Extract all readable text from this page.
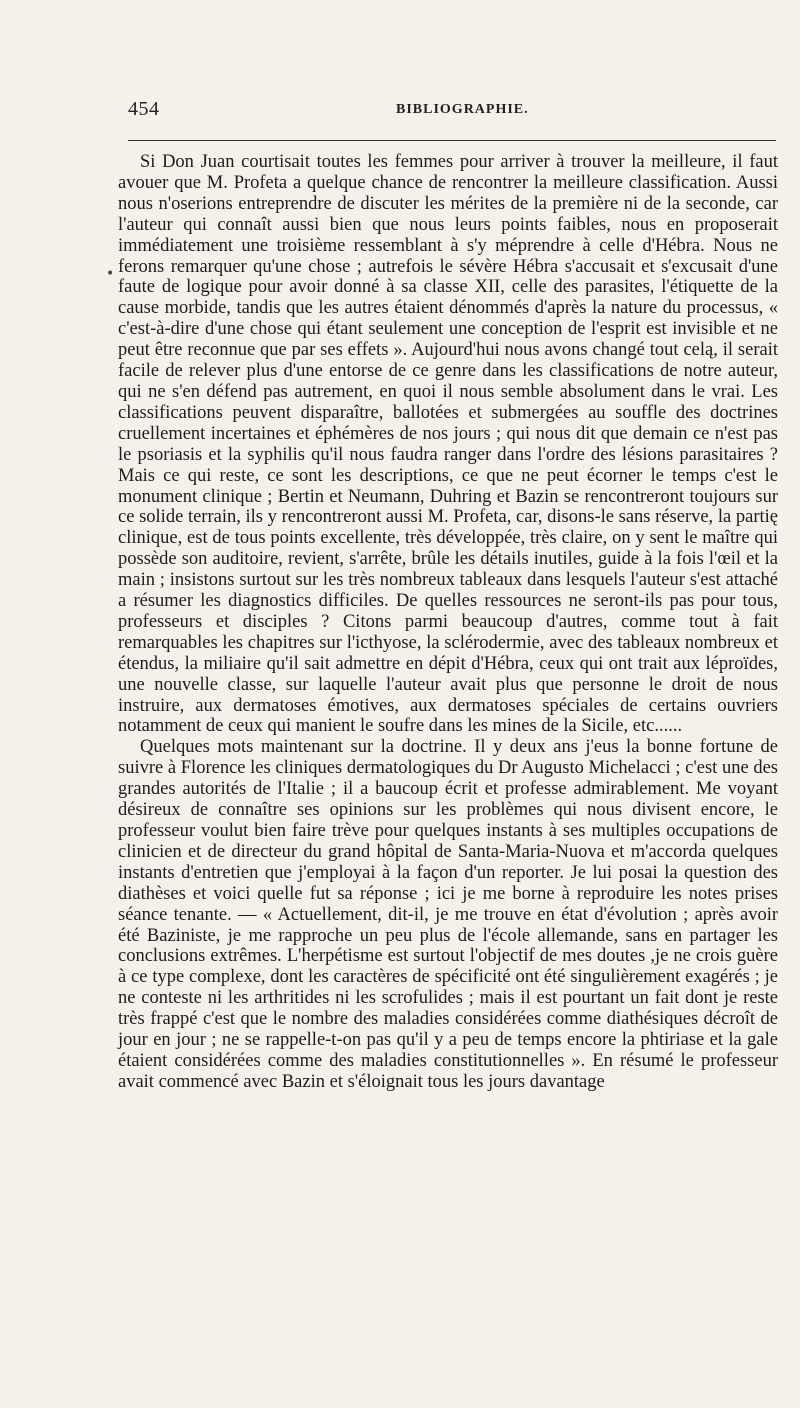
454	BIBLIOGRAPHIE.
•

Si Don Juan courtisait toutes les femmes pour arriver à trouver la meilleure, il faut avouer que M. Profeta a quelque chance de rencontrer la meilleure classification. Aussi nous n'oserions entreprendre de discuter les mérites de la première ni de la seconde, car l'auteur qui connaît aussi bien que nous leurs points faibles, nous en proposerait immédiatement une troisième ressemblant à s'y méprendre à celle d'Hébra. Nous ne ferons remarquer qu'une chose ; autrefois le sévère Hébra s'accusait et s'excusait d'une faute de logique pour avoir donné à sa classe XII, celle des parasites, l'étiquette de la cause morbide, tandis que les autres étaient dénommés d'après la nature du processus, « c'est-à-dire d'une chose qui étant seulement une conception de l'esprit est invisible et ne peut être reconnue que par ses effets ». Aujourd'hui nous avons changé tout celą, il serait facile de relever plus d'une entorse de ce genre dans les classifications de notre auteur, qui ne s'en défend pas autrement, en quoi il nous semble absolument dans le vrai. Les classifications peuvent disparaître, ballotées et submergées au souffle des doctrines cruellement incertaines et éphémères de nos jours ; qui nous dit que demain ce n'est pas le psoriasis et la syphilis qu'il nous faudra ranger dans l'ordre des lésions parasitaires ? Mais ce qui reste, ce sont les descriptions, ce que ne peut écorner le temps c'est le monument clinique ; Bertin et Neumann, Duhring et Bazin se rencontreront toujours sur ce solide terrain, ils y rencontreront aussi M. Profeta, car, disons-le sans réserve, la partię clinique, est de tous points excellente, très développée, très claire, on y sent le maître qui possède son auditoire, revient, s'arrête, brûle les détails inutiles, guide à la fois l'œil et la main ; insistons surtout sur les très nombreux tableaux dans lesquels l'auteur s'est attaché a résumer les diagnostics difficiles. De quelles ressources ne seront-ils pas pour tous, professeurs et disciples ? Citons parmi beaucoup d'autres, comme tout à fait remarquables les chapitres sur l'icthyose, la sclérodermie, avec des tableaux nombreux et étendus, la miliaire qu'il sait admettre en dépit d'Hébra, ceux qui ont trait aux léproïdes, une nouvelle classe, sur laquelle l'auteur avait plus que personne le droit de nous instruire, aux dermatoses émotives, aux dermatoses spéciales de certains ouvriers notamment de ceux qui manient le soufre dans les mines de la Sicile, etc......

Quelques mots maintenant sur la doctrine. Il y deux ans j'eus la bonne fortune de suivre à Florence les cliniques dermatologiques du Dr Augusto Michelacci ; c'est une des grandes autorités de l'Italie ; il a baucoup écrit et professe admirablement. Me voyant désireux de connaître ses opinions sur les problèmes qui nous divisent encore, le professeur voulut bien faire trève pour quelques instants à ses multiples occupations de clinicien et de directeur du grand hôpital de Santa-Maria-Nuova et m'accorda quelques instants d'entretien que j'employai à la façon d'un reporter. Je lui posai la question des diathèses et voici quelle fut sa réponse ; ici je me borne à reproduire les notes prises séance tenante. — « Actuellement, dit-il, je me trouve en état d'évolution ; après avoir été Baziniste, je me rapproche un peu plus de l'école allemande, sans en partager les conclusions extrêmes. L'herpétisme est surtout l'objectif de mes doutes ,je ne crois guère à ce type complexe, dont les caractères de spécificité ont été singulièrement exagérés ; je ne conteste ni les arthritides ni les scrofulides ; mais il est pourtant un fait dont je reste très frappé c'est que le nombre des maladies considérées comme diathésiques décroît de jour en jour ; ne se rappelle-t-on pas qu'il y a peu de temps encore la phtiriase et la gale étaient considérées comme des maladies constitutionnelles ». En résumé le professeur avait commencé avec Bazin et s'éloignait tous les jours davantage
